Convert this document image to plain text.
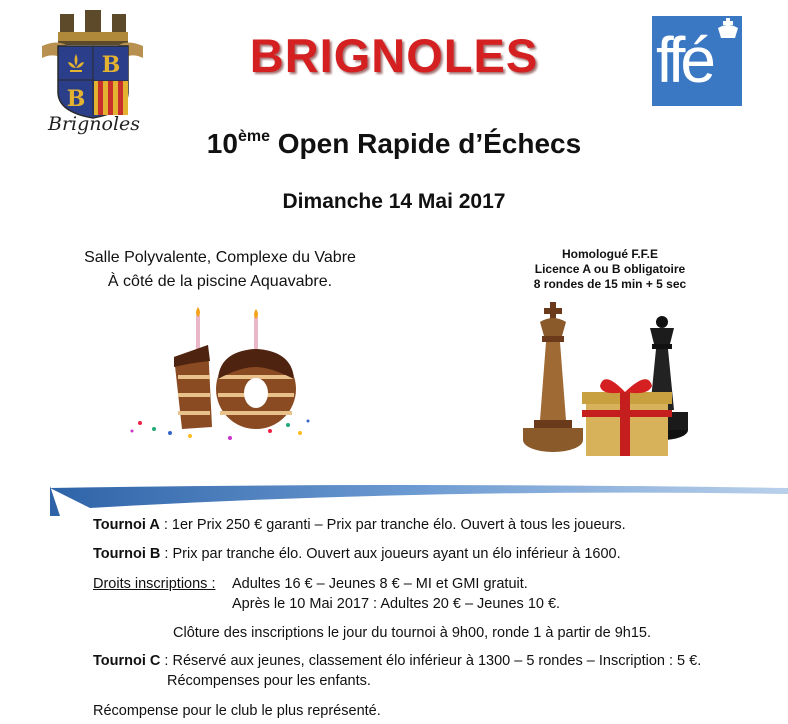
B
B
Brignoles
BRIGNOLES	ffé
10ème Open Rapide d’Échecs
Dimanche 14 Mai 2017
Salle Polyvalente, Complexe du Vabre
À côté de la piscine Aquavabre.
Homologué F.F.E
Licence A ou B obligatoire
8 rondes de 15 min + 5 sec
Tournoi A : 1er Prix 250 € garanti – Prix par tranche élo. Ouvert à tous les joueurs.
Tournoi B : Prix par tranche élo. Ouvert aux joueurs ayant un élo inférieur à 1600.
Droits inscriptions : Adultes 16 € – Jeunes 8 € – MI et GMI gratuit.
Après le 10 Mai 2017 : Adultes 20 € – Jeunes 10 €.
Clôture des inscriptions le jour du tournoi à 9h00, ronde 1 à partir de 9h15.
Tournoi C : Réservé aux jeunes, classement élo inférieur à 1300 – 5 rondes – Inscription : 5 €.
Récompenses pour les enfants.
Récompense pour le club le plus représenté.
